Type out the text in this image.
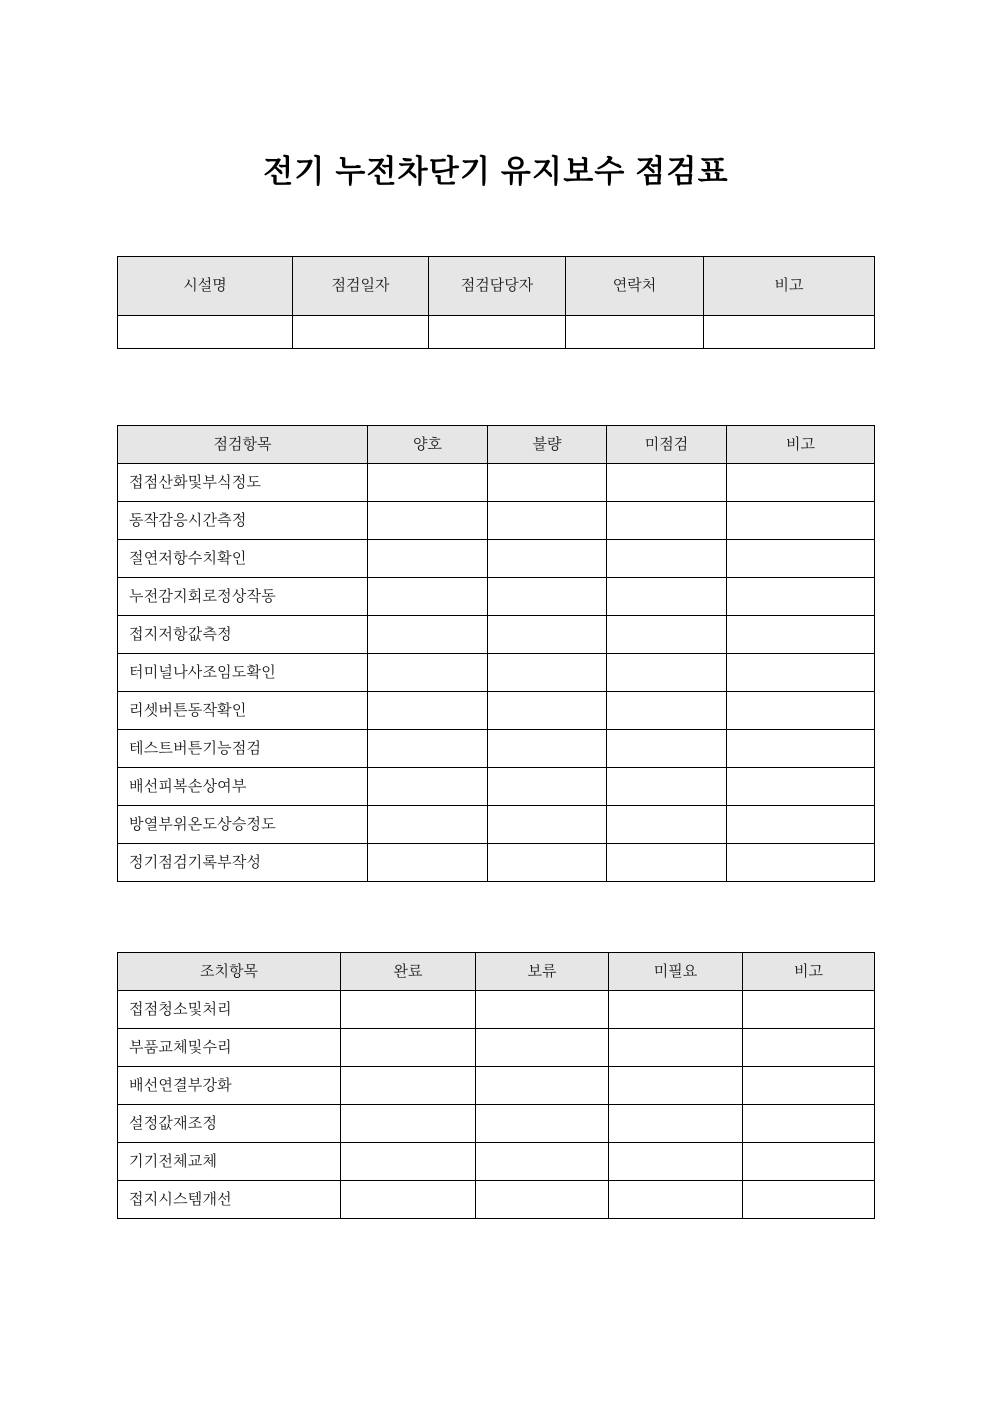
전기 누전차단기 유지보수 점검표
시설명	점검일자	점검담당자	연락처	비고

점검항목	양호	불량	미점검	비고
접점산화및부식정도				
동작감응시간측정				
절연저항수치확인				
누전감지회로정상작동				
접지저항값측정				
터미널나사조임도확인				
리셋버튼동작확인				
테스트버튼기능점검				
배선피복손상여부				
방열부위온도상승정도				
정기점검기록부작성				
조치항목	완료	보류	미필요	비고
접점청소및처리				
부품교체및수리				
배선연결부강화				
설정값재조정				
기기전체교체				
접지시스템개선				
